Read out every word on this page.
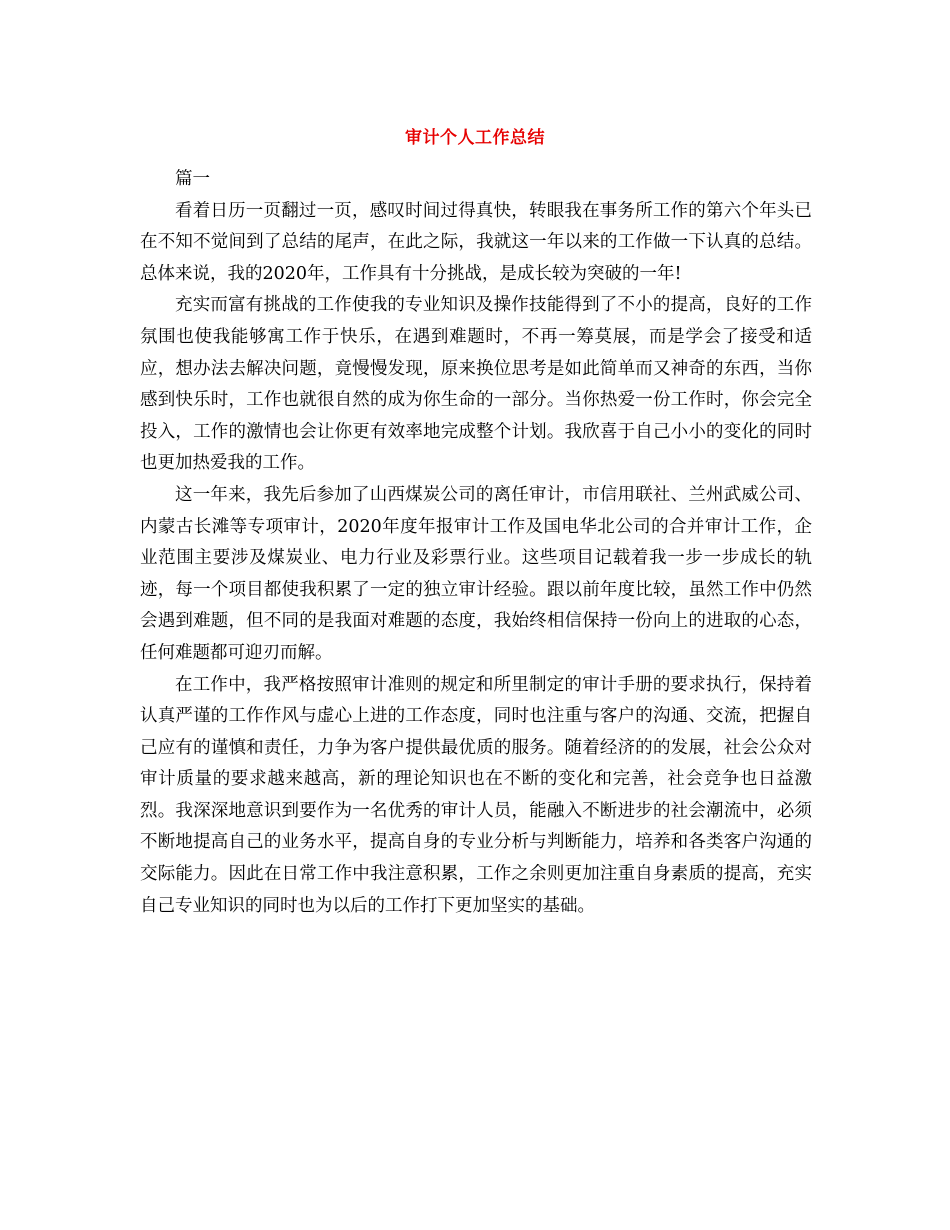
审计个人工作总结

篇一

看着日历一页翻过一页，感叹时间过得真快，转眼我在事务所工作的第六个年头已在不知不觉间到了总结的尾声，在此之际，我就这一年以来的工作做一下认真的总结。总体来说，我的2020年，工作具有十分挑战，是成长较为突破的一年!

充实而富有挑战的工作使我的专业知识及操作技能得到了不小的提高，良好的工作氛围也使我能够寓工作于快乐，在遇到难题时，不再一筹莫展，而是学会了接受和适应，想办法去解决问题，竟慢慢发现，原来换位思考是如此简单而又神奇的东西，当你感到快乐时，工作也就很自然的成为你生命的一部分。当你热爱一份工作时，你会完全投入，工作的激情也会让你更有效率地完成整个计划。我欣喜于自己小小的变化的同时也更加热爱我的工作。

这一年来，我先后参加了山西煤炭公司的离任审计，市信用联社、兰州武威公司、内蒙古长滩等专项审计，2020年度年报审计工作及国电华北公司的合并审计工作，企业范围主要涉及煤炭业、电力行业及彩票行业。这些项目记载着我一步一步成长的轨迹，每一个项目都使我积累了一定的独立审计经验。跟以前年度比较，虽然工作中仍然会遇到难题，但不同的是我面对难题的态度，我始终相信保持一份向上的进取的心态，任何难题都可迎刃而解。

在工作中，我严格按照审计准则的规定和所里制定的审计手册的要求执行，保持着认真严谨的工作作风与虚心上进的工作态度，同时也注重与客户的沟通、交流，把握自己应有的谨慎和责任，力争为客户提供最优质的服务。随着经济的的发展，社会公众对审计质量的要求越来越高，新的理论知识也在不断的变化和完善，社会竞争也日益激烈。我深深地意识到要作为一名优秀的审计人员，能融入不断进步的社会潮流中，必须不断地提高自己的业务水平，提高自身的专业分析与判断能力，培养和各类客户沟通的交际能力。因此在日常工作中我注意积累，工作之余则更加注重自身素质的提高，充实自己专业知识的同时也为以后的工作打下更加坚实的基础。
